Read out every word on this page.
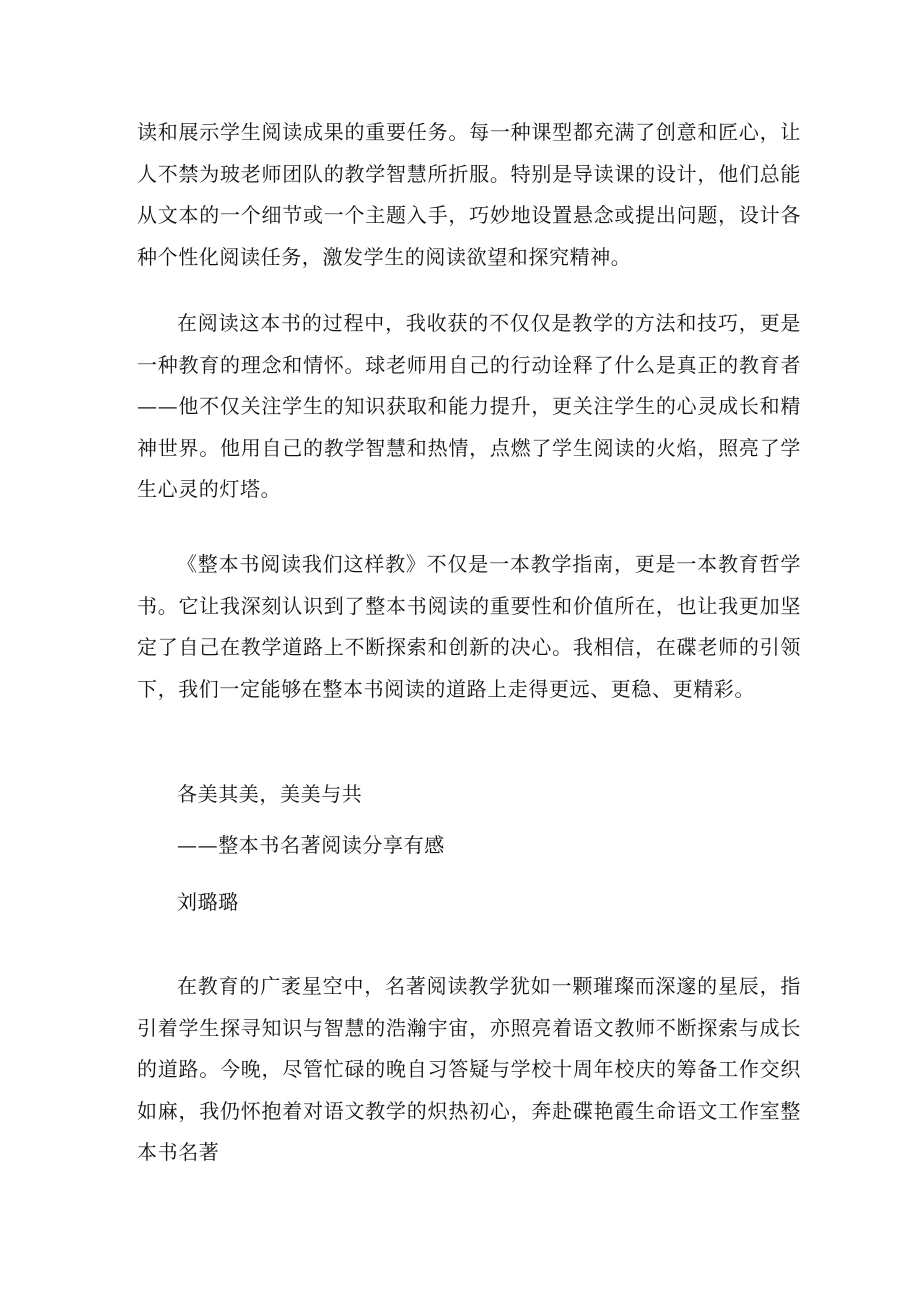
读和展示学生阅读成果的重要任务。每一种课型都充满了创意和匠心，让人不禁为玻老师团队的教学智慧所折服。特别是导读课的设计，他们总能从文本的一个细节或一个主题入手，巧妙地设置悬念或提出问题，设计各种个性化阅读任务，激发学生的阅读欲望和探究精神。

在阅读这本书的过程中，我收获的不仅仅是教学的方法和技巧，更是一种教育的理念和情怀。球老师用自己的行动诠释了什么是真正的教育者——他不仅关注学生的知识获取和能力提升，更关注学生的心灵成长和精神世界。他用自己的教学智慧和热情，点燃了学生阅读的火焰，照亮了学生心灵的灯塔。

《整本书阅读我们这样教》不仅是一本教学指南，更是一本教育哲学书。它让我深刻认识到了整本书阅读的重要性和价值所在，也让我更加坚定了自己在教学道路上不断探索和创新的决心。我相信，在碟老师的引领下，我们一定能够在整本书阅读的道路上走得更远、更稳、更精彩。

各美其美，美美与共
——整本书名著阅读分享有感
刘璐璐

在教育的广袤星空中，名著阅读教学犹如一颗璀璨而深邃的星辰，指引着学生探寻知识与智慧的浩瀚宇宙，亦照亮着语文教师不断探索与成长的道路。今晚，尽管忙碌的晚自习答疑与学校十周年校庆的筹备工作交织如麻，我仍怀抱着对语文教学的炽热初心，奔赴碟艳霞生命语文工作室整本书名著
